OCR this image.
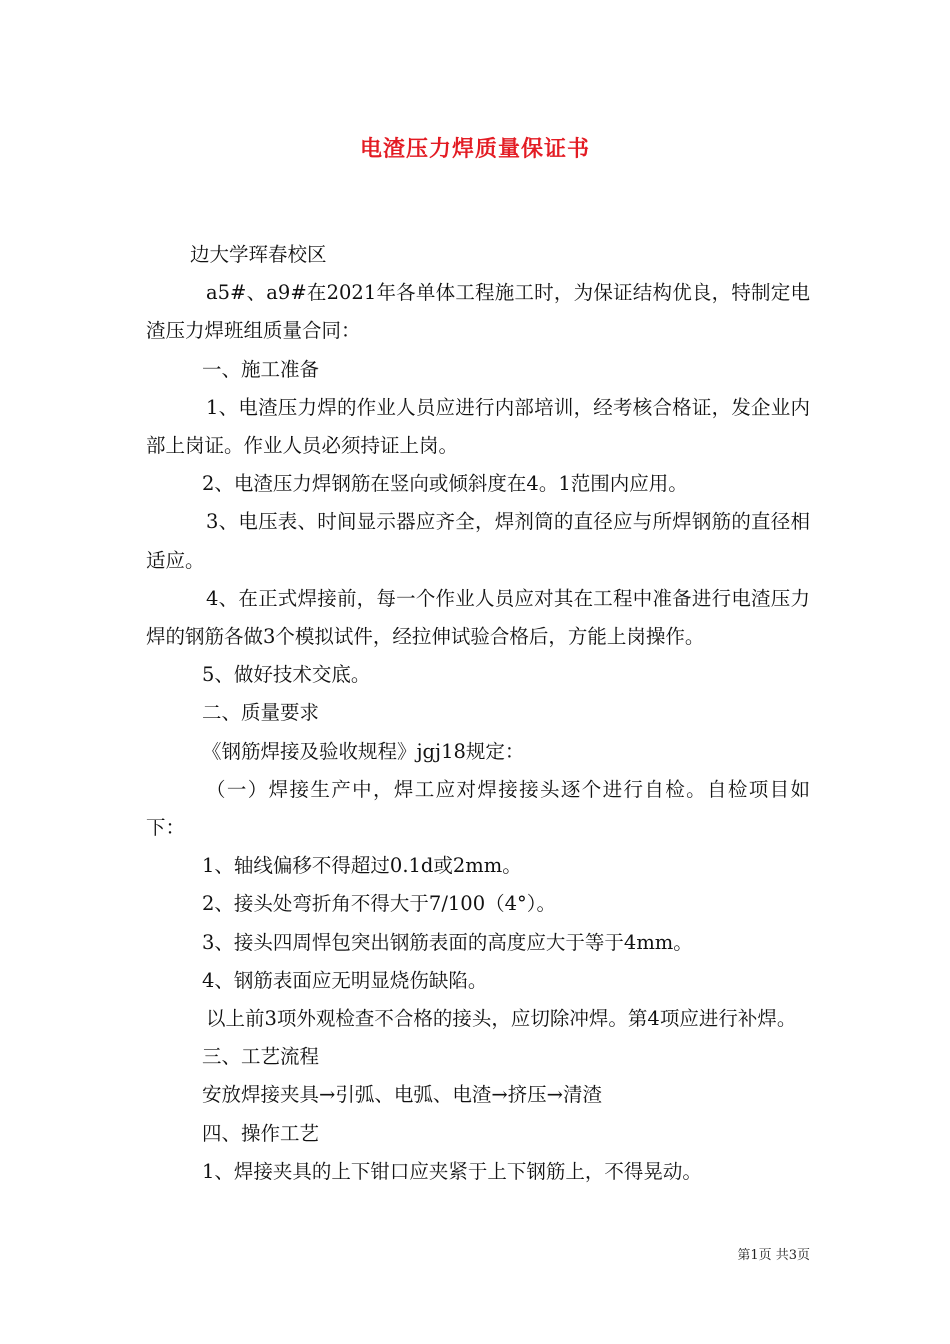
电渣压力焊质量保证书

边大学珲春校区

a5#、a9#在2021年各单体工程施工时，为保证结构优良，特制定电渣压力焊班组质量合同：

一、施工准备

1、电渣压力焊的作业人员应进行内部培训，经考核合格证，发企业内部上岗证。作业人员必须持证上岗。

2、电渣压力焊钢筋在竖向或倾斜度在4。1范围内应用。

3、电压表、时间显示器应齐全，焊剂筒的直径应与所焊钢筋的直径相适应。

4、在正式焊接前，每一个作业人员应对其在工程中准备进行电渣压力焊的钢筋各做3个模拟试件，经拉伸试验合格后，方能上岗操作。

5、做好技术交底。

二、质量要求

《钢筋焊接及验收规程》jgj18规定：

（一）焊接生产中，焊工应对焊接接头逐个进行自检。自检项目如下：

1、轴线偏移不得超过0.1d或2mm。

2、接头处弯折角不得大于7/100（4°）。

3、接头四周悍包突出钢筋表面的高度应大于等于4mm。

4、钢筋表面应无明显烧伤缺陷。

以上前3项外观检查不合格的接头，应切除冲焊。第4项应进行补焊。

三、工艺流程

安放焊接夹具→引弧、电弧、电渣→挤压→清渣

四、操作工艺

1、焊接夹具的上下钳口应夹紧于上下钢筋上，不得晃动。

第1页 共3页
